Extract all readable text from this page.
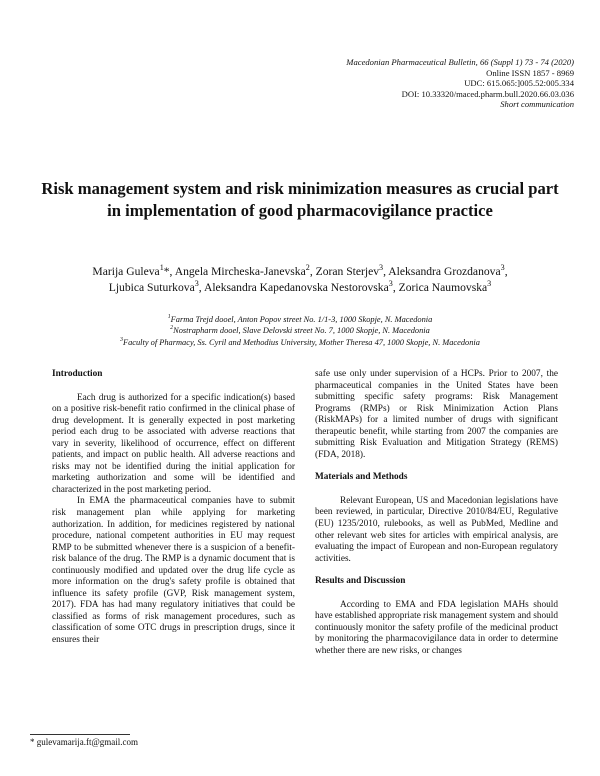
Macedonian Pharmaceutical Bulletin, 66 (Suppl 1) 73 - 74 (2020)
Online ISSN 1857 - 8969
UDC: 615.065:]005.52:005.334
DOI: 10.33320/maced.pharm.bull.2020.66.03.036
Short communication
Risk management system and risk minimization measures as crucial part in implementation of good pharmacovigilance practice
Marija Guleva$^1$*, Angela Mircheska-Janevska$^2$, Zoran Sterjev$^3$, Aleksandra Grozdanova$^3$,
Ljubica Suturkova$^3$, Aleksandra Kapedanovska Nestorovska$^3$, Zorica Naumovska$^3$
$^1$Farma Trejd dooel, Anton Popov street No. 1/1-3, 1000 Skopje, N. Macedonia
$^2$Nostrapharm dooel, Slave Delovski street No. 7, 1000 Skopje, N. Macedonia
$^3$Faculty of Pharmacy, Ss. Cyril and Methodius University, Mother Theresa 47, 1000 Skopje, N. Macedonia
Introduction

Each drug is authorized for a specific indication(s) based on a positive risk-benefit ratio confirmed in the clinical phase of drug development. It is generally expected in post marketing period each drug to be associated with adverse reactions that vary in severity, likelihood of occurrence, effect on different patients, and impact on public health. All adverse reactions and risks may not be identified during the initial application for marketing authorization and some will be identified and characterized in the post marketing period.

In EMA the pharmaceutical companies have to submit risk management plan while applying for marketing authorization. In addition, for medicines registered by national procedure, national competent authorities in EU may request RMP to be submitted whenever there is a suspicion of a benefit-risk balance of the drug. The RMP is a dynamic document that is continuously modified and updated over the drug life cycle as more information on the drug's safety profile is obtained that influence its safety profile (GVP, Risk management system, 2017). FDA has had many regulatory initiatives that could be classified as forms of risk management procedures, such as classification of some OTC drugs in prescription drugs, since it ensures their

safe use only under supervision of a HCPs. Prior to 2007, the pharmaceutical companies in the United States have been submitting specific safety programs: Risk Management Programs (RMPs) or Risk Minimization Action Plans (RiskMAPs) for a limited number of drugs with significant therapeutic benefit, while starting from 2007 the companies are submitting Risk Evaluation and Mitigation Strategy (REMS) (FDA, 2018).

Materials and Methods

Relevant European, US and Macedonian legislations have been reviewed, in particular, Directive 2010/84/EU, Regulative (EU) 1235/2010, rulebooks, as well as PubMed, Medline and other relevant web sites for articles with empirical analysis, are evaluating the impact of European and non-European regulatory activities.

Results and Discussion

According to EMA and FDA legislation MAHs should have established appropriate risk management system and should continuously monitor the safety profile of the medicinal product by monitoring the pharmacovigilance data in order to determine whether there are new risks, or changes

* gulevamarija.ft@gmail.com
